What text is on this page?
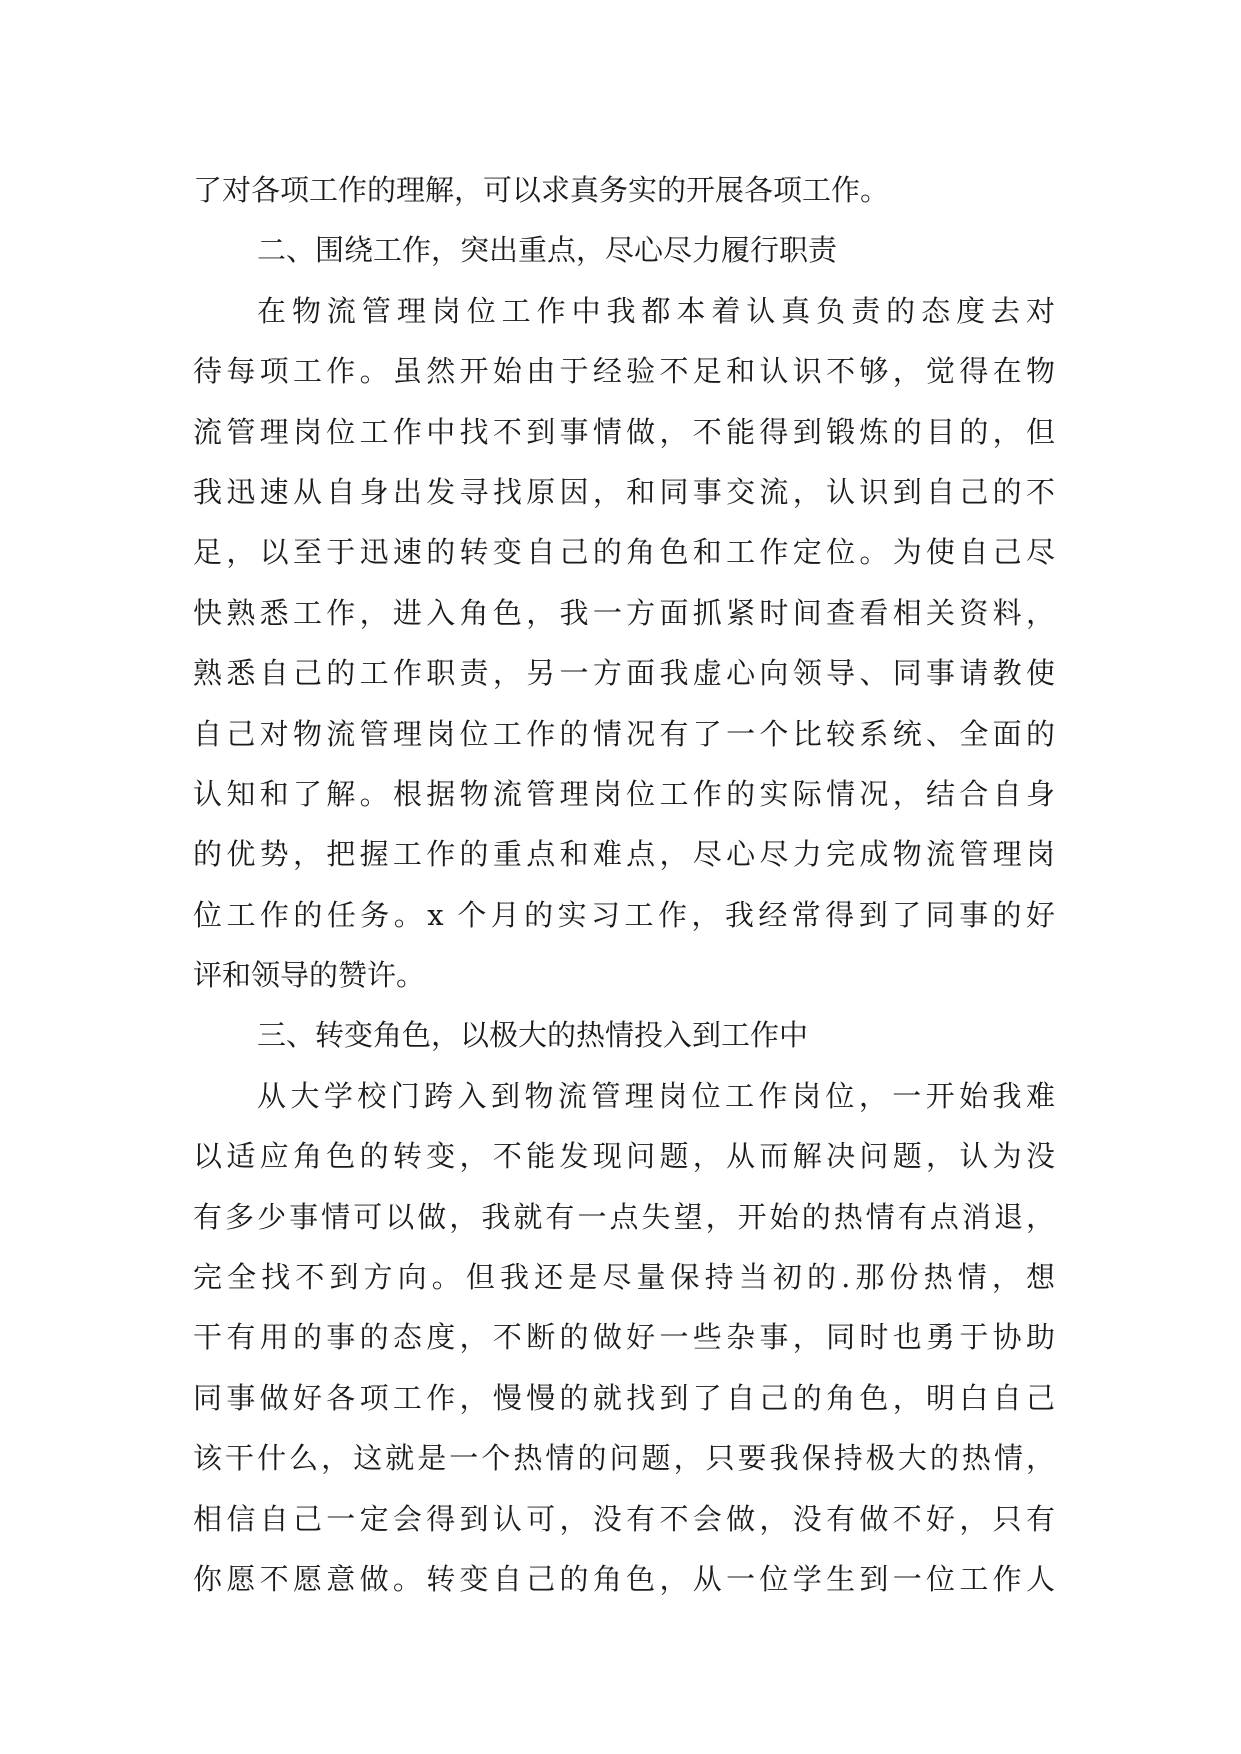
了对各项工作的理解，可以求真务实的开展各项工作。
二、围绕工作，突出重点，尽心尽力履行职责
在物流管理岗位工作中我都本着认真负责的态度去对
待每项工作。虽然开始由于经验不足和认识不够，觉得在物
流管理岗位工作中找不到事情做，不能得到锻炼的目的，但
我迅速从自身出发寻找原因，和同事交流，认识到自己的不
足，以至于迅速的转变自己的角色和工作定位。为使自己尽
快熟悉工作，进入角色，我一方面抓紧时间查看相关资料，
熟悉自己的工作职责，另一方面我虚心向领导、同事请教使
自己对物流管理岗位工作的情况有了一个比较系统、全面的
认知和了解。根据物流管理岗位工作的实际情况，结合自身
的优势，把握工作的重点和难点，尽心尽力完成物流管理岗
位工作的任务。x 个月的实习工作，我经常得到了同事的好
评和领导的赞许。
三、转变角色，以极大的热情投入到工作中
从大学校门跨入到物流管理岗位工作岗位，一开始我难
以适应角色的转变，不能发现问题，从而解决问题，认为没
有多少事情可以做，我就有一点失望，开始的热情有点消退，
完全找不到方向。但我还是尽量保持当初的.那份热情，想
干有用的事的态度，不断的做好一些杂事，同时也勇于协助
同事做好各项工作，慢慢的就找到了自己的角色，明白自己
该干什么，这就是一个热情的问题，只要我保持极大的热情，
相信自己一定会得到认可，没有不会做，没有做不好，只有
你愿不愿意做。转变自己的角色，从一位学生到一位工作人
